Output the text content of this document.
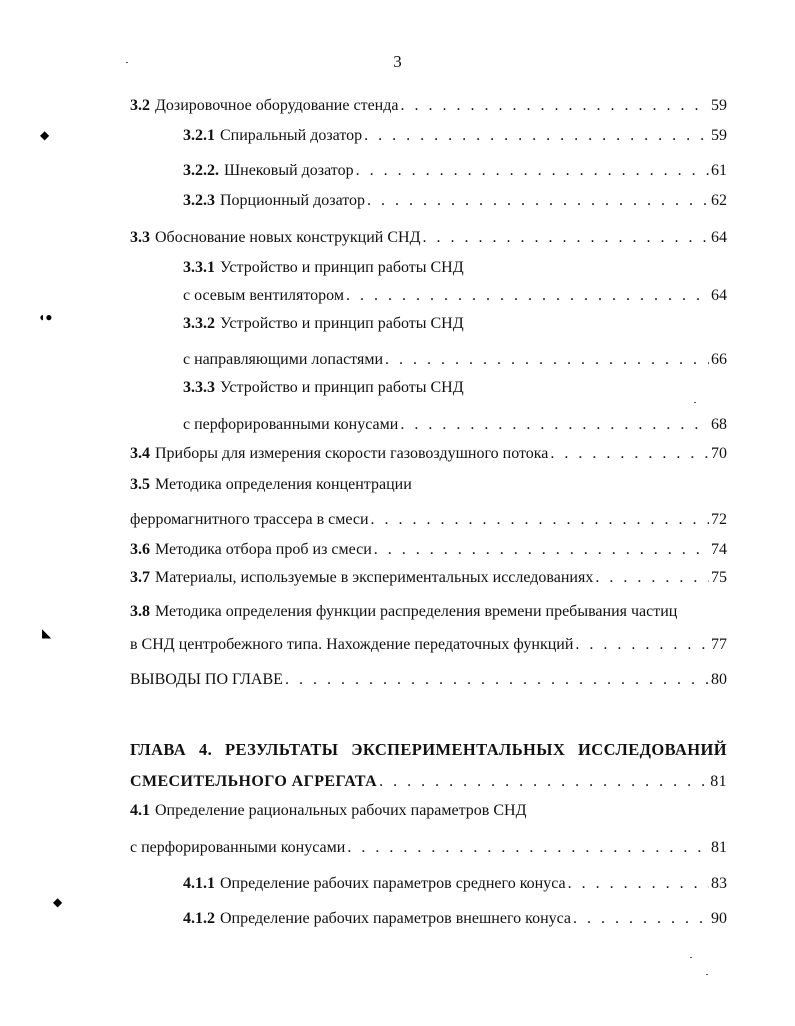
3
3.2 Дозировочное оборудование стенда . . .	59
3.2.1 Спиральный дозатор . . .	59
3.2.2. Шнековый дозатор . . .	61
3.2.3 Порционный дозатор . . .	62
3.3 Обоснование новых конструкций СНД . . .	64
3.3.1 Устройство и принцип работы СНД
с осевым вентилятором . . .	64
3.3.2 Устройство и принцип работы СНД
с направляющими лопастями . . .	66
3.3.3 Устройство и принцип работы СНД
с перфорированными конусами . . .	68
3.4 Приборы для измерения скорости газовоздушного потока . . .	70
3.5 Методика определения концентрации
ферромагнитного трассера в смеси . . .	72
3.6 Методика отбора проб из смеси . . .	74
3.7 Материалы, используемые в экспериментальных исследованиях . . .	75
3.8 Методика определения функции распределения времени пребывания частиц
в СНД центробежного типа. Нахождение передаточных функций . . .	77
ВЫВОДЫ ПО ГЛАВЕ . . .	80
ГЛАВА 4. РЕЗУЛЬТАТЫ ЭКСПЕРИМЕНТАЛЬНЫХ ИССЛЕДОВАНИЙ
СМЕСИТЕЛЬНОГО АГРЕГАТА . . .	81
4.1 Определение рациональных рабочих параметров СНД
с перфорированными конусами . . .	81
4.1.1 Определение рабочих параметров среднего конуса . . .	83
4.1.2 Определение рабочих параметров внешнего конуса . . .	90
◆
◖●
◣
◆
